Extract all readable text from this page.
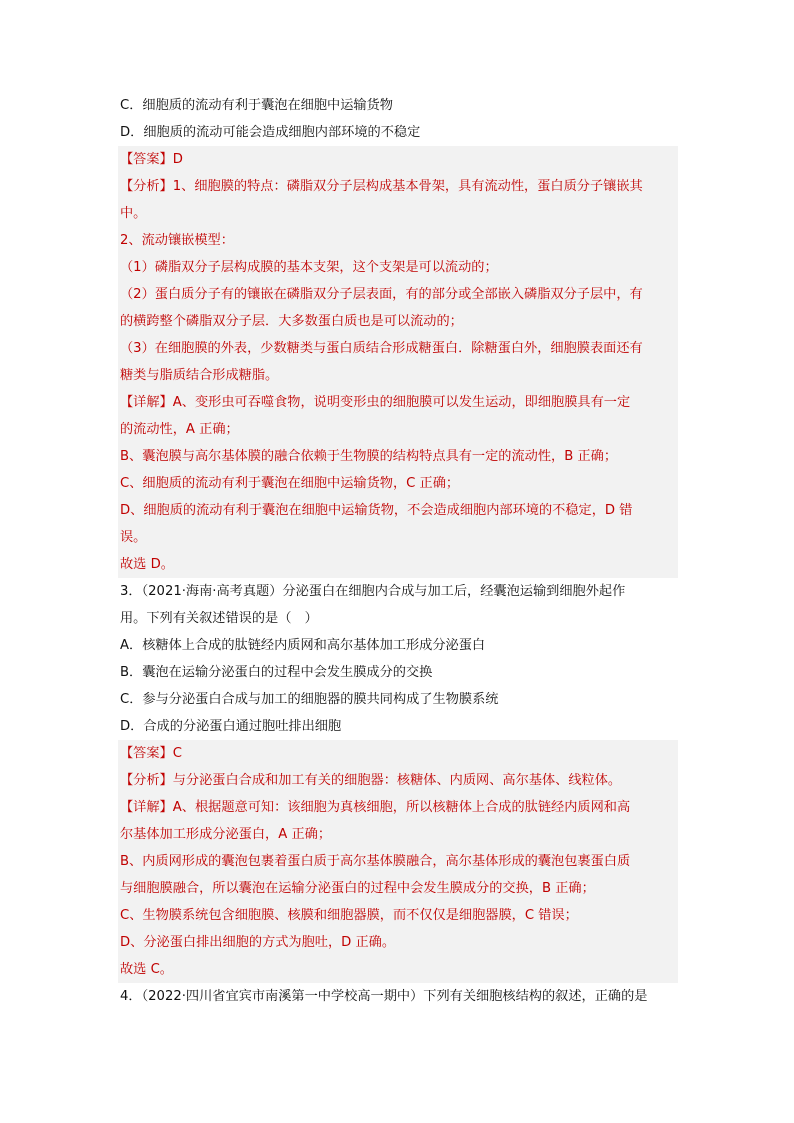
C．细胞质的流动有利于囊泡在细胞中运输货物
D．细胞质的流动可能会造成细胞内部环境的不稳定
【答案】D
【分析】1、细胞膜的特点：磷脂双分子层构成基本骨架，具有流动性，蛋白质分子镶嵌其
中。
2、流动镶嵌模型：
（1）磷脂双分子层构成膜的基本支架，这个支架是可以流动的；
（2）蛋白质分子有的镶嵌在磷脂双分子层表面，有的部分或全部嵌入磷脂双分子层中，有
的横跨整个磷脂双分子层．大多数蛋白质也是可以流动的；
（3）在细胞膜的外表，少数糖类与蛋白质结合形成糖蛋白．除糖蛋白外，细胞膜表面还有
糖类与脂质结合形成糖脂。
【详解】A、变形虫可吞噬食物，说明变形虫的细胞膜可以发生运动，即细胞膜具有一定
的流动性，A 正确；
B、囊泡膜与高尔基体膜的融合依赖于生物膜的结构特点具有一定的流动性，B 正确；
C、细胞质的流动有利于囊泡在细胞中运输货物，C 正确；
D、细胞质的流动有利于囊泡在细胞中运输货物，不会造成细胞内部环境的不稳定，D 错
误。
故选 D。
3．（2021·海南·高考真题）分泌蛋白在细胞内合成与加工后，经囊泡运输到细胞外起作
用。下列有关叙述错误的是（　）
A．核糖体上合成的肽链经内质网和高尔基体加工形成分泌蛋白
B．囊泡在运输分泌蛋白的过程中会发生膜成分的交换
C．参与分泌蛋白合成与加工的细胞器的膜共同构成了生物膜系统
D．合成的分泌蛋白通过胞吐排出细胞
【答案】C
【分析】与分泌蛋白合成和加工有关的细胞器：核糖体、内质网、高尔基体、线粒体。
【详解】A、根据题意可知：该细胞为真核细胞，所以核糖体上合成的肽链经内质网和高
尔基体加工形成分泌蛋白，A 正确；
B、内质网形成的囊泡包裹着蛋白质于高尔基体膜融合，高尔基体形成的囊泡包裹蛋白质
与细胞膜融合，所以囊泡在运输分泌蛋白的过程中会发生膜成分的交换，B 正确；
C、生物膜系统包含细胞膜、核膜和细胞器膜，而不仅仅是细胞器膜，C 错误；
D、分泌蛋白排出细胞的方式为胞吐，D 正确。
故选 C。
4．（2022·四川省宜宾市南溪第一中学校高一期中）下列有关细胞核结构的叙述，正确的是
